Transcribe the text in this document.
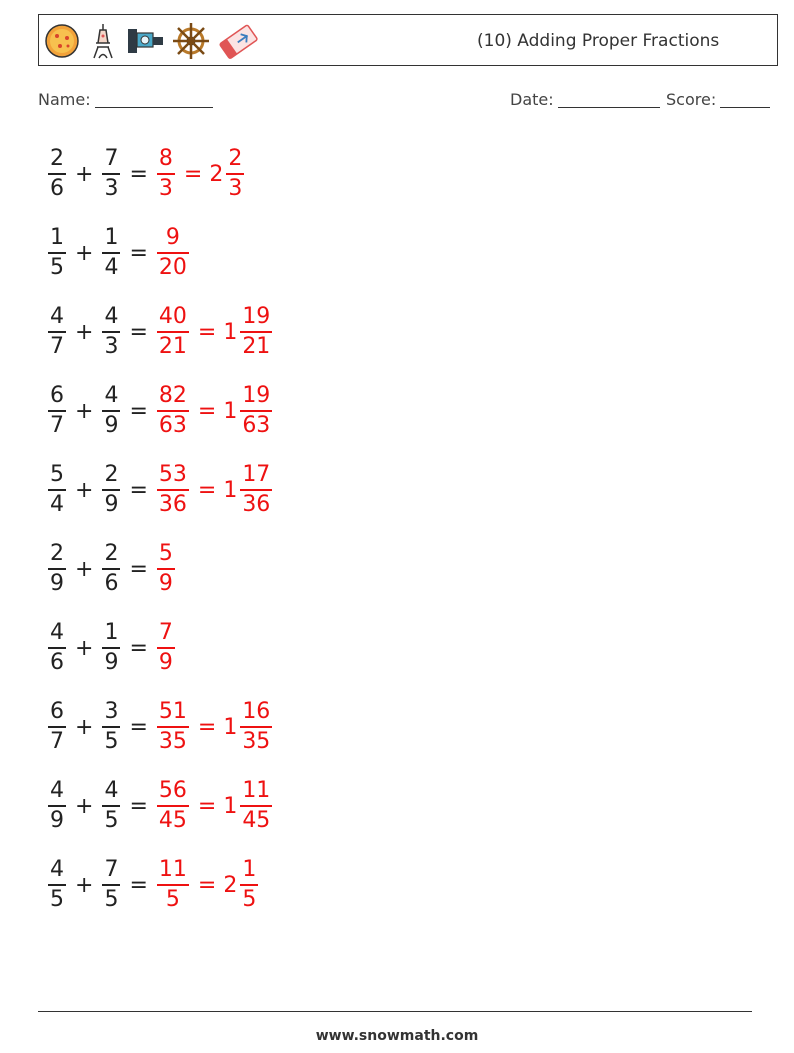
(10) Adding Proper Fractions
Name:	Date:	Score:
$\frac{2}{6} + \frac{7}{3} = \frac{8}{3} = 2 \frac{2}{3}$
$\frac{1}{5} + \frac{1}{4} = \frac{9}{20}$
$\frac{4}{7} + \frac{4}{3} = \frac{40}{21} = 1 \frac{19}{21}$
$\frac{6}{7} + \frac{4}{9} = \frac{82}{63} = 1 \frac{19}{63}$
$\frac{5}{4} + \frac{2}{9} = \frac{53}{36} = 1 \frac{17}{36}$
$\frac{2}{9} + \frac{2}{6} = \frac{5}{9}$
$\frac{4}{6} + \frac{1}{9} = \frac{7}{9}$
$\frac{6}{7} + \frac{3}{5} = \frac{51}{35} = 1 \frac{16}{35}$
$\frac{4}{9} + \frac{4}{5} = \frac{56}{45} = 1 \frac{11}{45}$
$\frac{4}{5} + \frac{7}{5} = \frac{11}{5} = 2 \frac{1}{5}$
www.snowmath.com
